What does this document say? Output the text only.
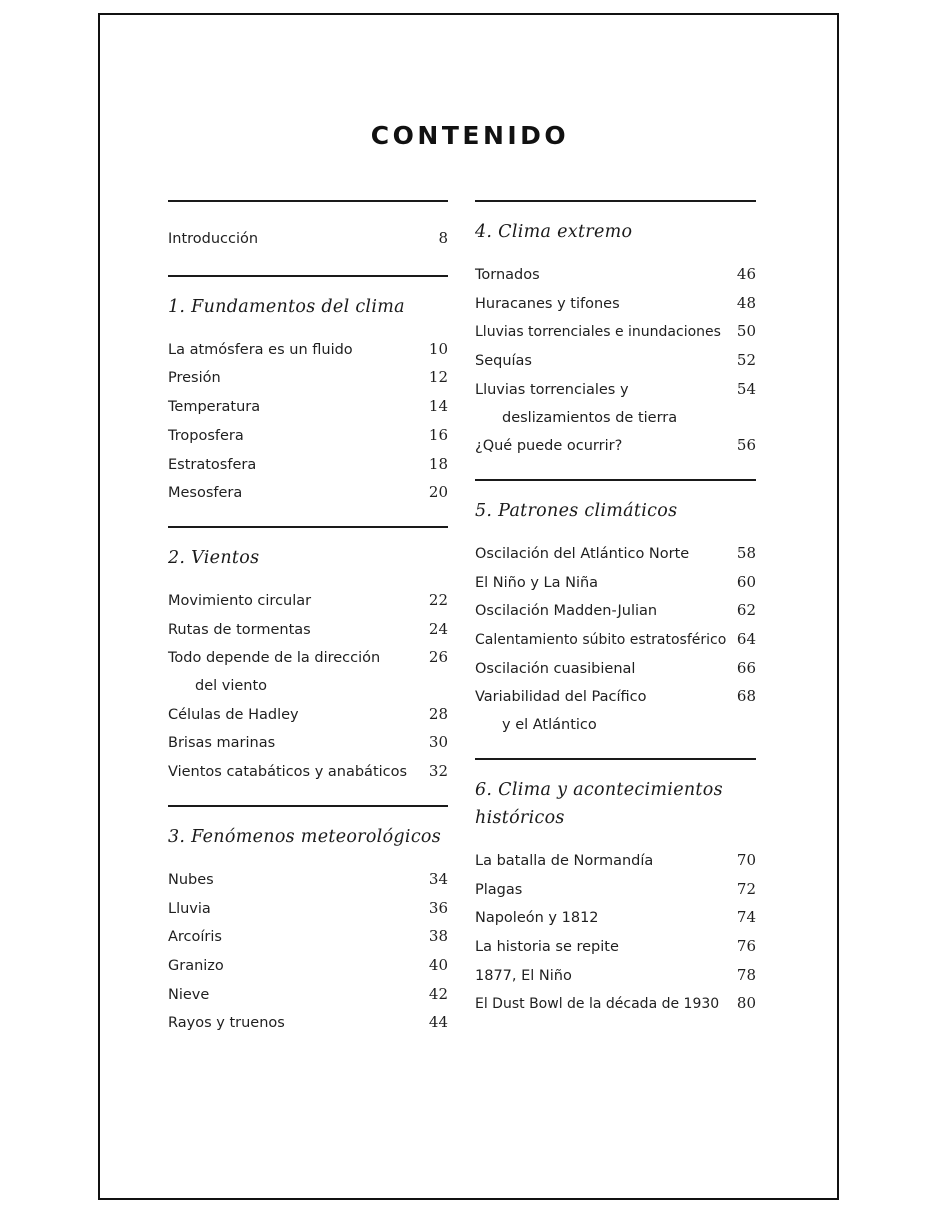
CONTENIDO
Introducción	8
1. Fundamentos del clima
La atmósfera es un fluido	10
Presión	12
Temperatura	14
Troposfera	16
Estratosfera	18
Mesosfera	20
2. Vientos
Movimiento circular	22
Rutas de tormentas	24
Todo depende de la dirección
del viento
26
Células de Hadley	28
Brisas marinas	30
Vientos catabáticos y anabáticos 32
3. Fenómenos meteorológicos
Nubes	34
Lluvia	36
Arcoíris	38
Granizo	40
Nieve	42
Rayos y truenos	44
4. Clima extremo
Tornados	46
Huracanes y tifones	48
Lluvias torrenciales e inundaciones 50
Sequías	52
Lluvias torrenciales y
deslizamientos de tierra
54
¿Qué puede ocurrir?	56
5. Patrones climáticos
Oscilación del Atlántico Norte	58
El Niño y La Niña	60
Oscilación Madden-Julian	62
Calentamiento súbito estratosférico 64
Oscilación cuasibienal	66
Variabilidad del Pacífico
y el Atlántico
68
6. Clima y acontecimientos históricos
La batalla de Normandía	70
Plagas	72
Napoleón y 1812	74
La historia se repite	76
1877, El Niño	78
El Dust Bowl de la década de 1930 80
